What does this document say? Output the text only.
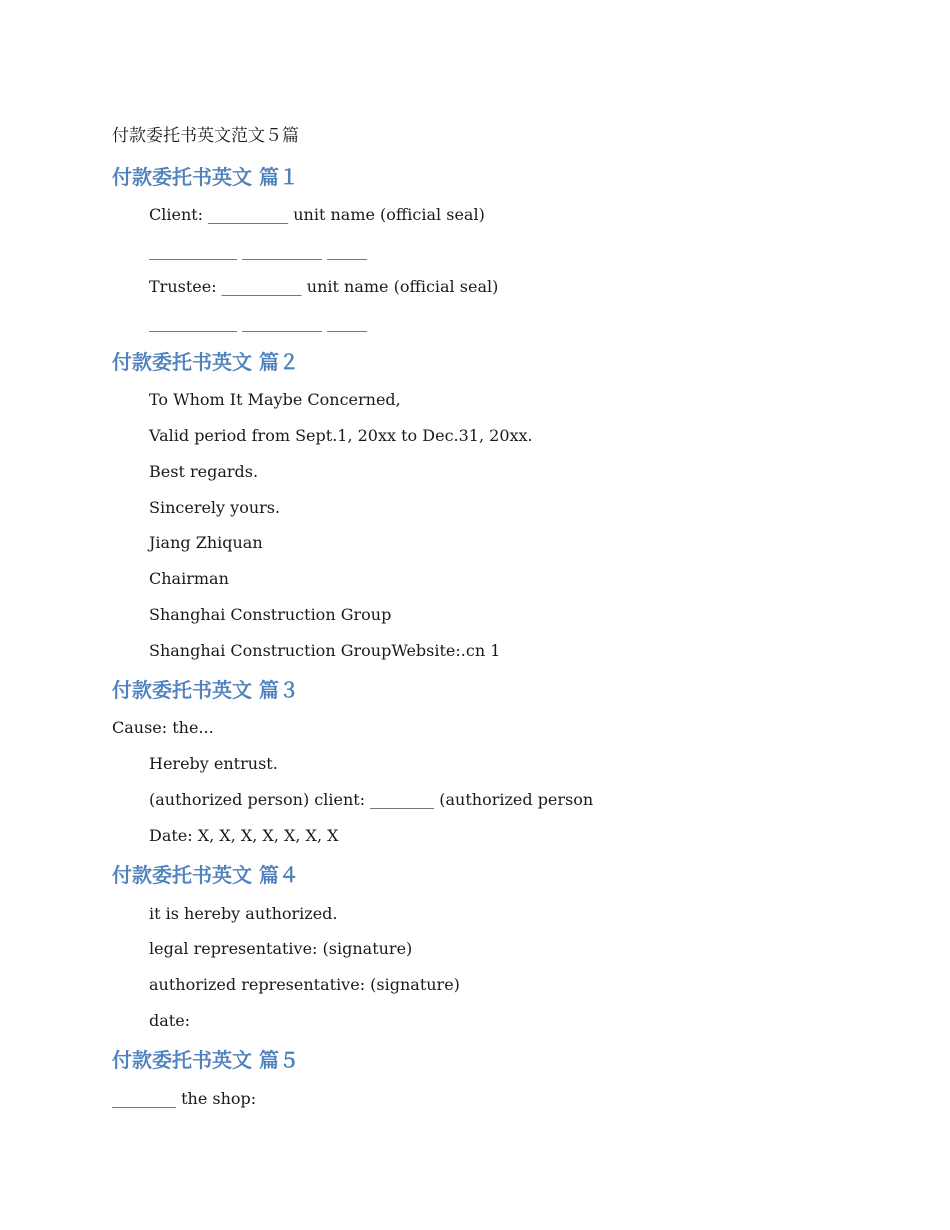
付款委托书英文范文５篇
付款委托书英文 篇１
Client: __________ unit name (official seal)
___________ __________ _____
Trustee: __________ unit name (official seal)
___________ __________ _____
付款委托书英文 篇２
To Whom It Maybe Concerned,
Valid period from Sept.1, 20xx to Dec.31, 20xx.
Best regards.
Sincerely yours.
Jiang Zhiquan
Chairman
Shanghai Construction Group
Shanghai Construction GroupWebsite:.cn 1
付款委托书英文 篇３
Cause: the...
Hereby entrust.
(authorized person) client: ________ (authorized person
Date: X, X, X, X, X, X, X
付款委托书英文 篇４
it is hereby authorized.
legal representative: (signature)
authorized representative: (signature)
date:
付款委托书英文 篇５
________ the shop:
